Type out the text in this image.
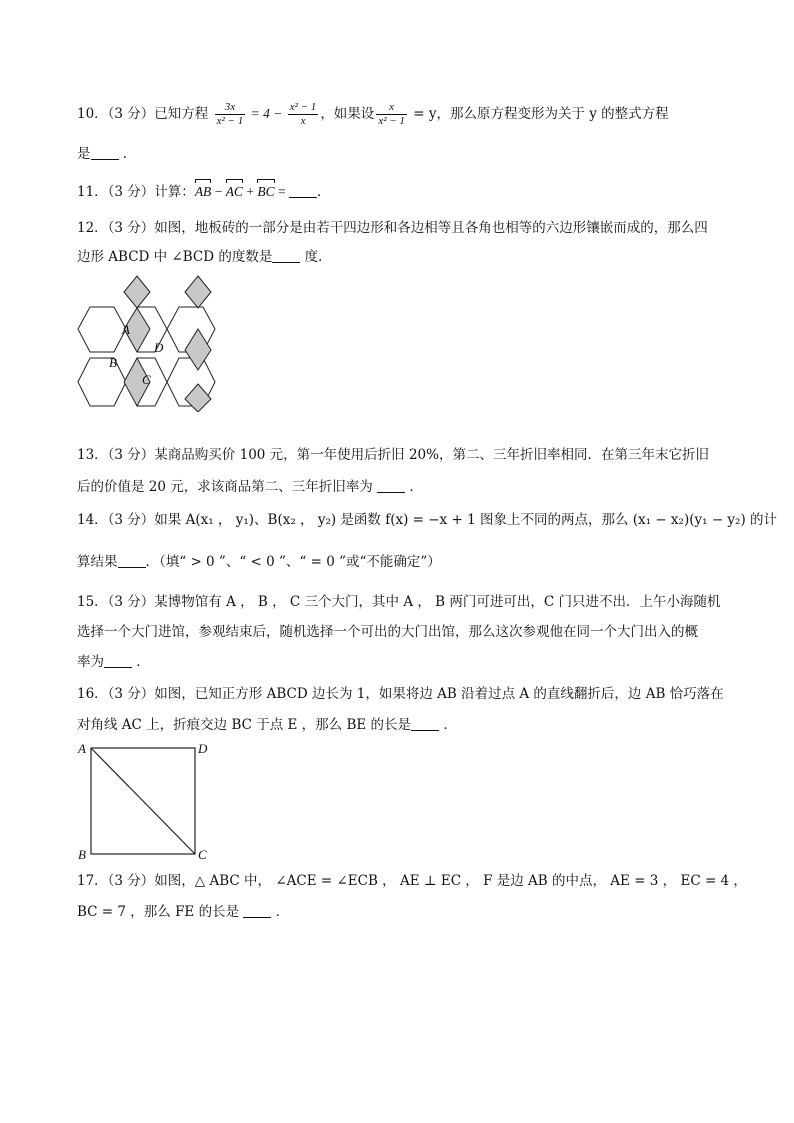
10．（3 分）已知方程 $\frac{3x}{\text{x² − 1}} = 4 - \frac{\text{x² − 1}}{x}$ ，如果设 $\frac{x}{\text{x² − 1}} = y$，那么原方程变形为关于 y 的整式方程
是 ．
11．（3 分）计算：AB − AC + BC = ．
12．（3 分）如图，地板砖的一部分是由若干四边形和各边相等且各角也相等的六边形镶嵌而成的，那么四
边形 ABCD 中 ∠BCD 的度数是 度．
A
B
C
D
13．（3 分）某商品购买价 100 元，第一年使用后折旧 20%，第二、三年折旧率相同．在第三年末它折旧
后的价值是 20 元，求该商品第二、三年折旧率为	．
14．（3 分）如果 A(x₁ ， y₁)、B(x₂ ， y₂) 是函数 f(x) = −x + 1 图象上不同的两点，那么 (x₁ − x₂)(y₁ − y₂) 的计
算结果 ．（填“ > 0 ”、“ < 0 ”、“ = 0 ”或“不能确定”）
15．（3 分）某博物馆有 A ， B ， C 三个大门，其中 A ， B 两门可进可出，C 门只进不出．上午小海随机
选择一个大门进馆，参观结束后，随机选择一个可出的大门出馆，那么这次参观他在同一个大门出入的概
率为 ．
16．（3 分）如图，已知正方形 ABCD 边长为 1，如果将边 AB 沿着过点 A 的直线翻折后，边 AB 恰巧落在
对角线 AC 上，折痕交边 BC 于点 E ，那么 BE 的长是 ．
A	D
B	C
17．（3 分）如图，△ ABC 中， ∠ACE = ∠ECB ， AE ⊥ EC ， F 是边 AB 的中点， AE = 3 ， EC = 4 ，
BC = 7 ，那么 FE 的长是	．
